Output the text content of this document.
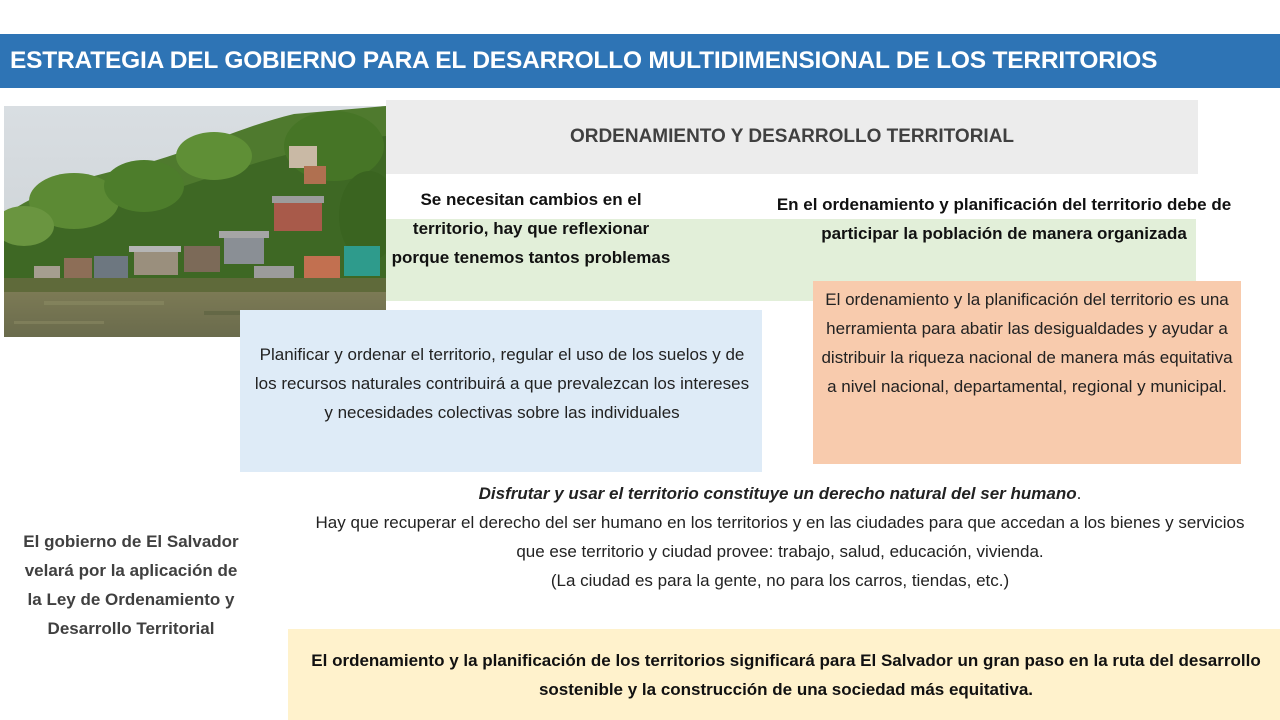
ESTRATEGIA DEL GOBIERNO PARA EL DESARROLLO MULTIDIMENSIONAL DE LOS TERRITORIOS
ORDENAMIENTO Y DESARROLLO TERRITORIAL
Se necesitan cambios en el territorio, hay que reflexionar porque tenemos tantos problemas
En el ordenamiento y planificación del territorio debe de participar la población de manera organizada
Planificar y ordenar el territorio, regular el uso de los suelos y de los recursos naturales contribuirá a que prevalezcan los intereses y necesidades colectivas sobre las individuales
El ordenamiento y la planificación del territorio es una herramienta para abatir las desigualdades y ayudar a distribuir la riqueza nacional de manera más equitativa a nivel nacional, departamental, regional y municipal.
Disfrutar y usar el territorio constituye un derecho natural del ser humano.
Hay que recuperar el derecho del ser humano en los territorios y en las ciudades para que accedan a los bienes y servicios que ese territorio y ciudad provee: trabajo, salud, educación, vivienda.
(La ciudad es para la gente, no para los carros, tiendas, etc.)
El gobierno de El Salvador velará por la aplicación de la Ley de Ordenamiento y Desarrollo Territorial
El ordenamiento y la planificación de los territorios significará para El Salvador un gran paso en la ruta del desarrollo sostenible y la construcción de una sociedad más equitativa.
